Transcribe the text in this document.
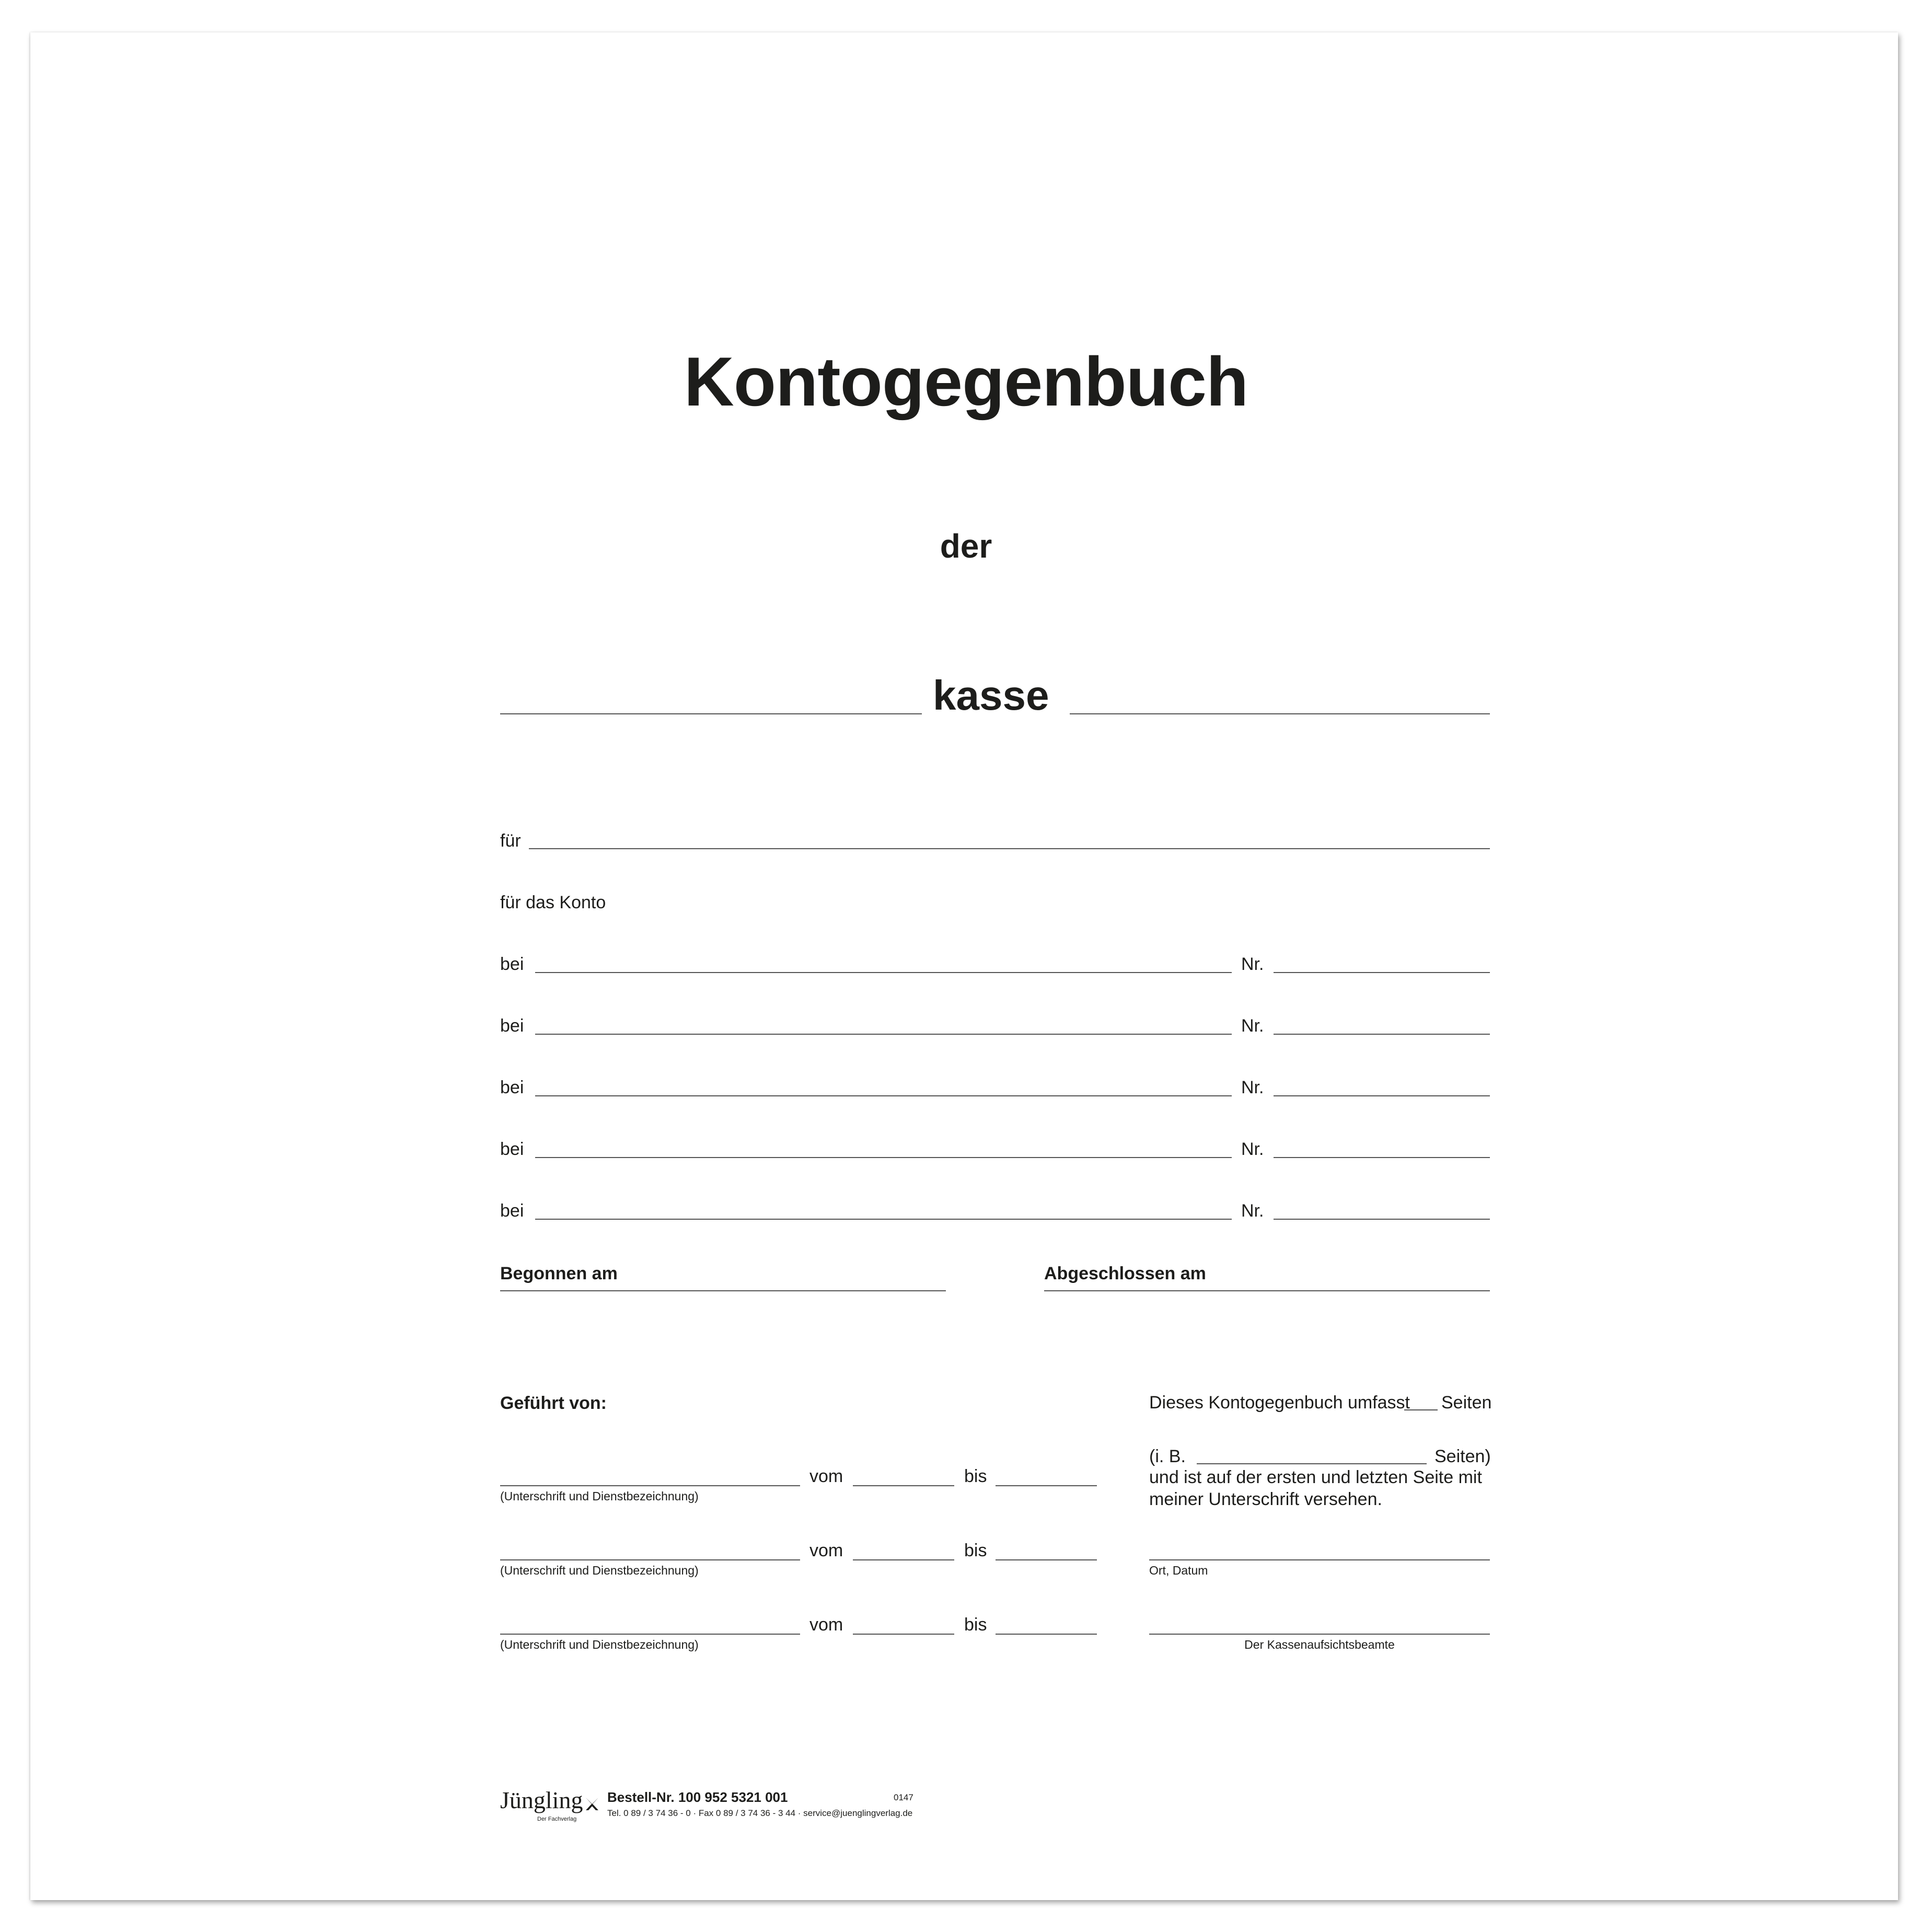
Kontogegenbuch
der
kasse
für
für das Konto
bei	Nr.
bei	Nr.
bei	Nr.
bei	Nr.
bei	Nr.
Begonnen am	Abgeschlossen am
Geführt von:
vom	bis
(Unterschrift und Dienstbezeichnung)
vom	bis
(Unterschrift und Dienstbezeichnung)
vom	bis
(Unterschrift und Dienstbezeichnung)
Dieses Kontogegenbuch umfasst Seiten
(i. B.	Seiten)
und ist auf der ersten und letzten Seite mit
meiner Unterschrift versehen.
Ort, Datum
Der Kassenaufsichtsbeamte
Jüngling
Der Fachverlag
Bestell-Nr. 100 952 5321 001	0147
Tel. 0 89 / 3 74 36 - 0 · Fax 0 89 / 3 74 36 - 3 44 · service@juenglingverlag.de
